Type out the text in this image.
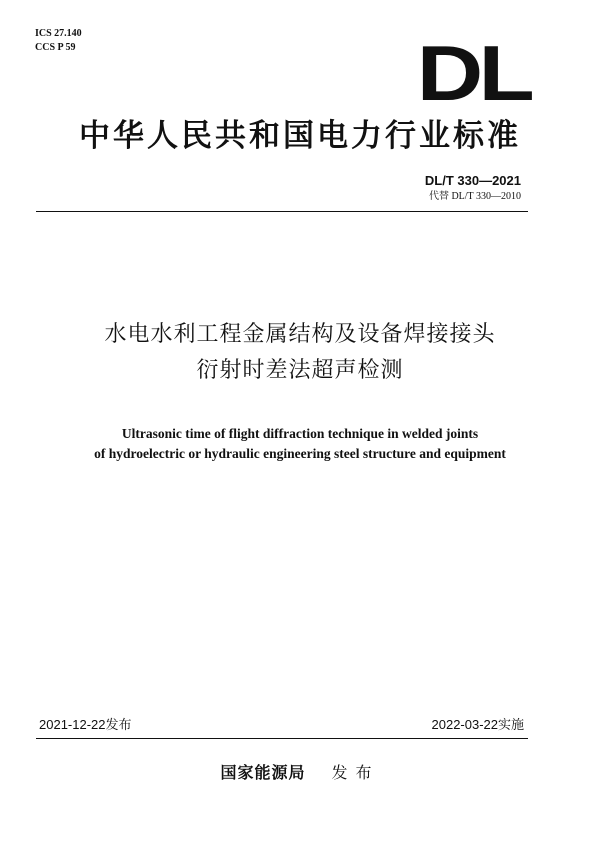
ICS 27.140
CCS P 59	DL
中华人民共和国电力行业标准
DL/T 330—2021
代替 DL/T 330—2010
水电水利工程金属结构及设备焊接接头
衍射时差法超声检测
Ultrasonic time of flight diffraction technique in welded joints
of hydroelectric or hydraulic engineering steel structure and equipment
2021-12-22发布	2022-03-22实施
国家能源局 发布
